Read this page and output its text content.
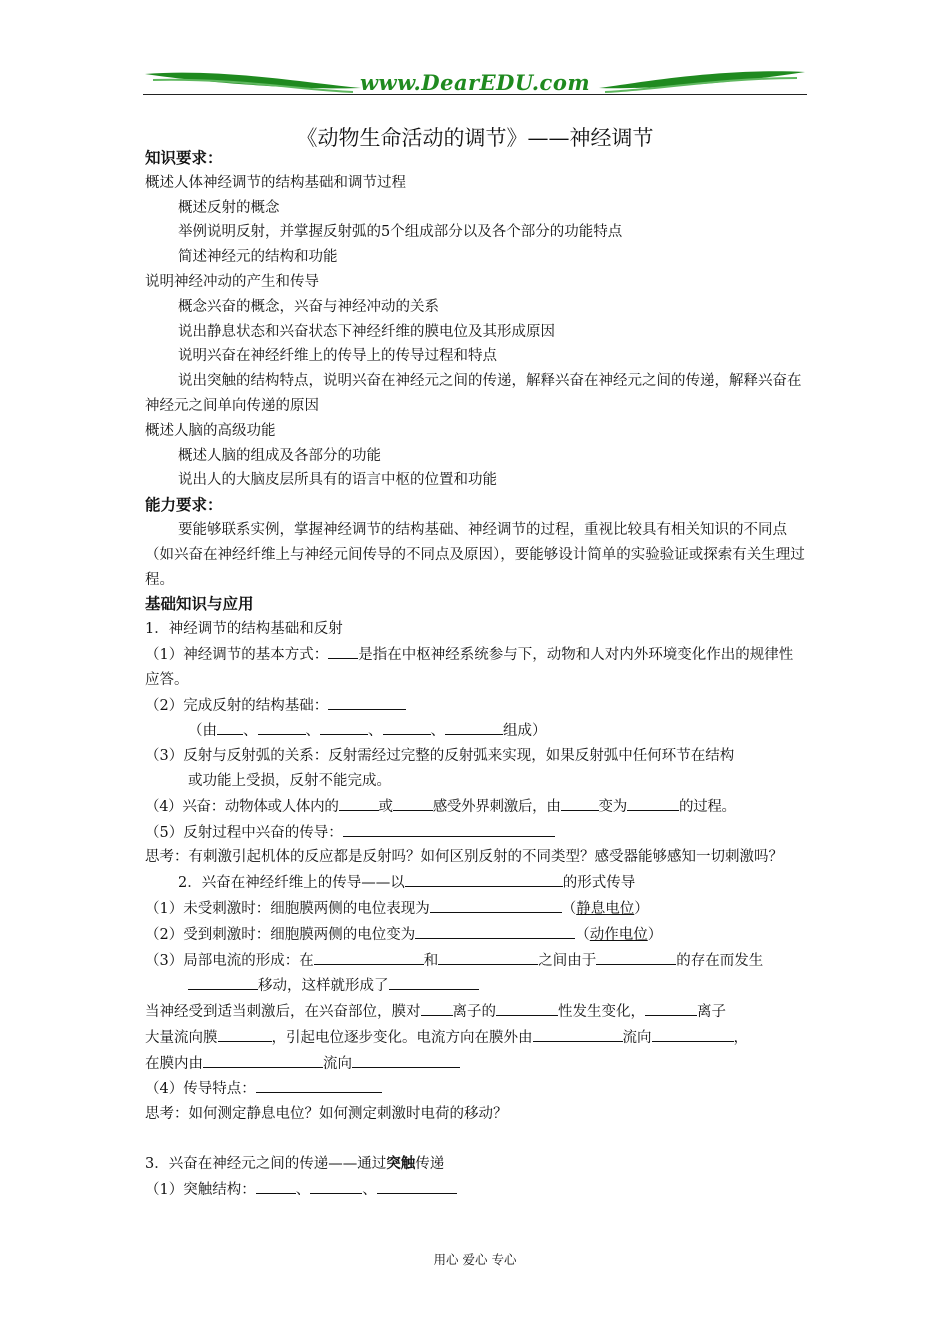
www.DearEDU.com
《动物生命活动的调节》——神经调节
知识要求：
概述人体神经调节的结构基础和调节过程
概述反射的概念
举例说明反射，并掌握反射弧的5个组成部分以及各个部分的功能特点
简述神经元的结构和功能
说明神经冲动的产生和传导
概念兴奋的概念，兴奋与神经冲动的关系
说出静息状态和兴奋状态下神经纤维的膜电位及其形成原因
说明兴奋在神经纤维上的传导上的传导过程和特点
说出突触的结构特点，说明兴奋在神经元之间的传递，解释兴奋在神经元之间的传递，解释兴奋在神经元之间单向传递的原因
概述人脑的高级功能
概述人脑的组成及各部分的功能
说出人的大脑皮层所具有的语言中枢的位置和功能
能力要求：
要能够联系实例，掌握神经调节的结构基础、神经调节的过程，重视比较具有相关知识的不同点（如兴奋在神经纤维上与神经元间传导的不同点及原因），要能够设计简单的实验验证或探索有关生理过程。
基础知识与应用
1．神经调节的结构基础和反射
（1）神经调节的基本方式： 是指在中枢神经系统参与下，动物和人对内外环境变化作出的规律性应答。
（2）完成反射的结构基础：
（由 、	、	、	、	组成）
（3）反射与反射弧的关系：反射需经过完整的反射弧来实现，如果反射弧中任何环节在结构
或功能上受损，反射不能完成。
（4）兴奋：动物体或人体内的	或	感受外界刺激后，由	变为	的过程。
（5）反射过程中兴奋的传导：
思考：有刺激引起机体的反应都是反射吗？如何区别反射的不同类型？感受器能够感知一切刺激吗？
2．兴奋在神经纤维上的传导——以	的形式传导
（1）未受刺激时：细胞膜两侧的电位表现为	（静息电位）
（2）受到刺激时：细胞膜两侧的电位变为	（动作电位）
（3）局部电流的形成：在	和	之间由于	的存在而发生
移动，这样就形成了
当神经受到适当刺激后，在兴奋部位，膜对 离子的	性发生变化，	离子
大量流向膜	，引起电位逐步变化。电流方向在膜外由	流向	，
在膜内由	流向
（4）传导特点：
思考：如何测定静息电位？如何测定刺激时电荷的移动？
3．兴奋在神经元之间的传递——通过突触传递
（1）突触结构：	、	、
用心 爱心 专心
